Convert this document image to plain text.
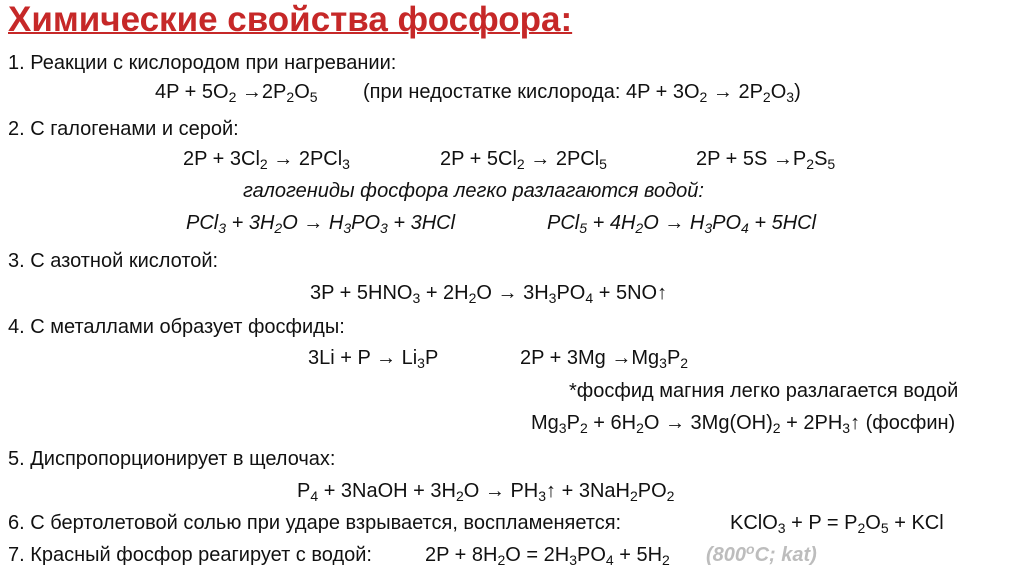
Химические свойства фосфора:
1. Реакции с кислородом при нагревании:
$4P + 5O_2 \to 2P_2O_5$ (при недостатке кислорода: $4P + 3O_2 \to 2P_2O_3$)
2. С галогенами и серой:
$2P + 3Cl_2 \to 2PCl_3$	$2P + 5Cl_2 \to 2PCl_5$	$2P + 5S \to P_2S_5$
галогениды фосфора легко разлагаются водой:
$PCl_3 + 3H_2O \to H_3PO_3 + 3HCl$	$PCl_5 + 4H_2O \to H_3PO_4 + 5HCl$
3. С азотной кислотой:
$3P + 5HNO_3 + 2H_2O \to 3H_3PO_4$ + 5NO↑
4. С металлами образует фосфиды:
$3Li + P \to Li_3P$	$2P + 3Mg \to Mg_3P_2$
*фосфид магния легко разлагается водой
$Mg_3P_2 + 6H_2O \to 3Mg(OH)_2$ + $2PH_3↑$ (фосфин)
5. Диспропорционирует в щелочах:
$P_4$ + 3NaOH + $3H_2O$ → $PH_3↑ + 3NaH_2PO_2$
6. С бертолетовой солью при ударе взрывается, воспламеняется:	KClO$_3$ + $P = P_2O_5$ + KCl
7. Красный фосфор реагирует с водой:	$2P + 8H_2O = 2H_3PO_4 + 5H_2$ (800$^o$C; kat)
